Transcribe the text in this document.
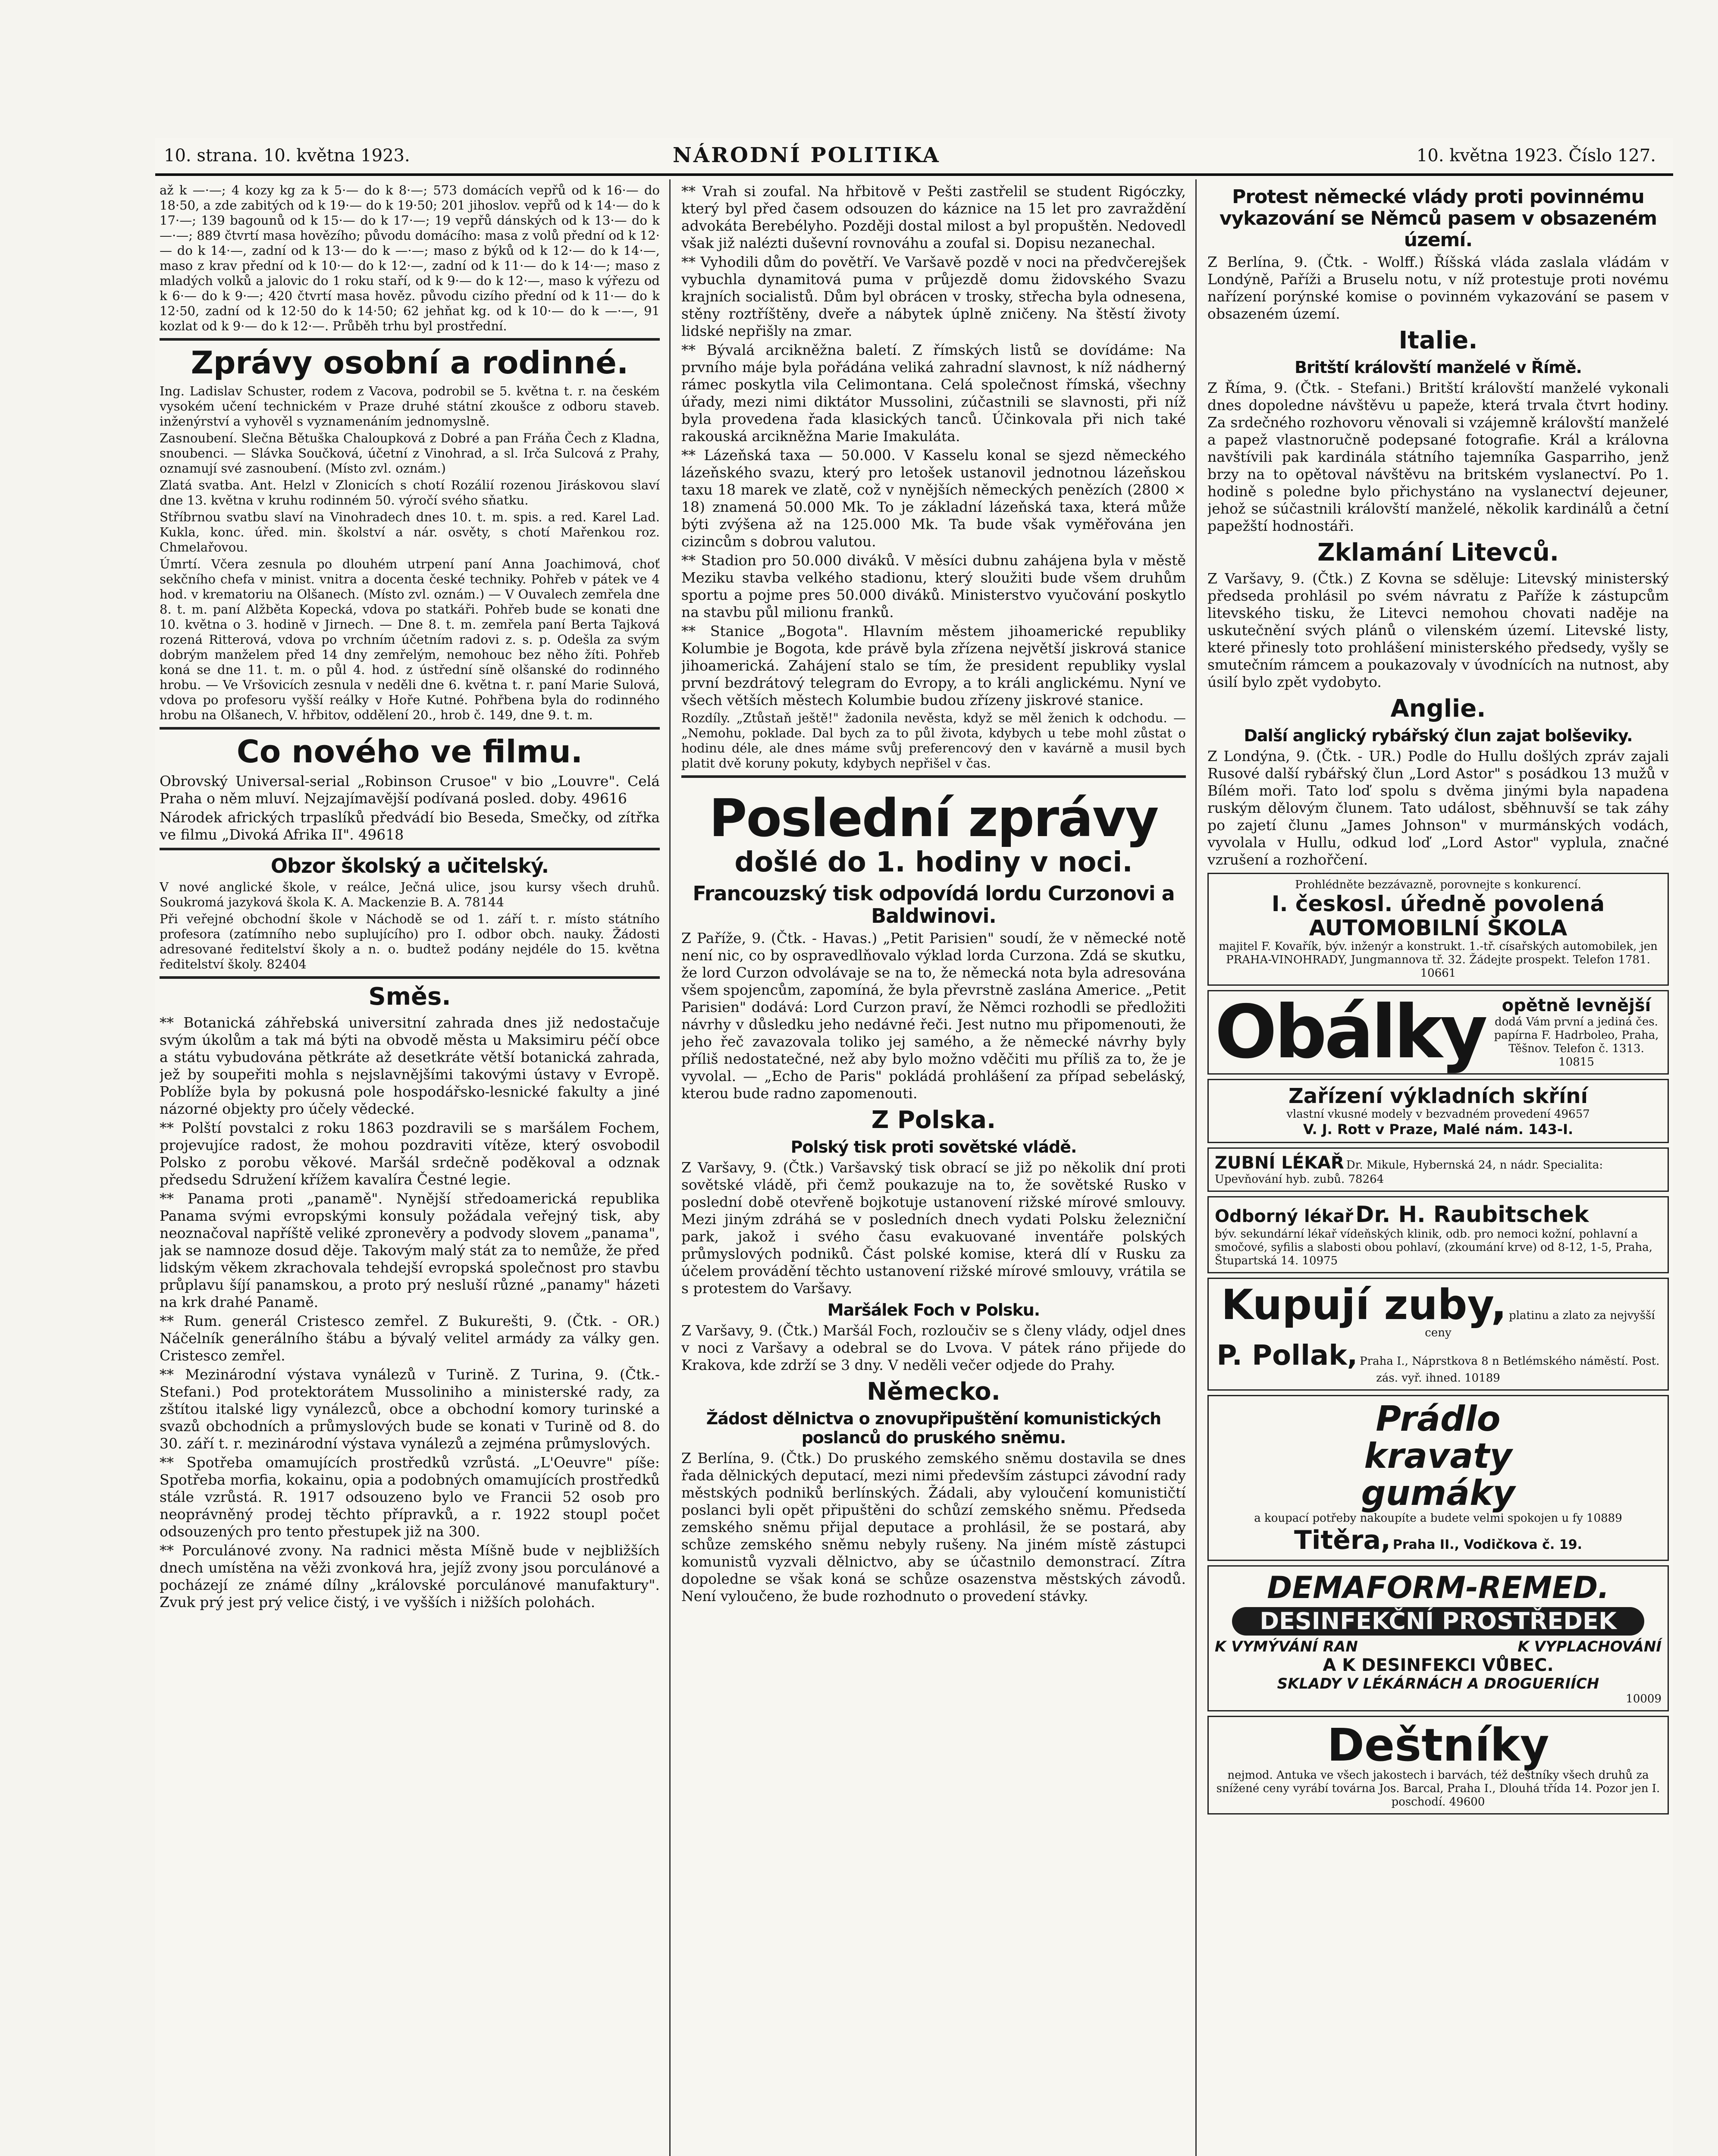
10. strana. 10. května 1923.	NÁRODNÍ POLITIKA	10. května 1923. Číslo 127.

až k —·—; 4 kozy kg za k 5·— do k 8·—; 573 domácích vepřů od k 16·— do 18·50, a zde zabitých od k 19·— do k 19·50; 201 jihoslov. vepřů od k 14·— do k 17·—; 139 bagounů od k 15·— do k 17·—; 19 vepřů dánských od k 13·— do k —·—; 889 čtvrtí masa hovězího; původu domácího: masa z volů přední od k 12·— do k 14·—, zadní od k 13·— do k —·—; maso z býků od k 12·— do k 14·—, maso z krav přední od k 10·— do k 12·—, zadní od k 11·— do k 14·—; maso z mladých volků a jalovic do 1 roku staří, od k 9·— do k 12·—, maso k výřezu od k 6·— do k 9·—; 420 čtvrtí masa hověz. původu cizího přední od k 11·— do k 12·50, zadní od k 12·50 do k 14·50; 62 jehňat kg. od k 10·— do k —·—, 91 kozlat od k 9·— do k 12·—. Průběh trhu byl prostřední.

Zprávy osobní a rodinné.

Ing. Ladislav Schuster, rodem z Vacova, podrobil se 5. května t. r. na českém vysokém učení technickém v Praze druhé státní zkoušce z odboru staveb. inženýrství a vyhověl s vyznamenáním jednomyslně.

Zasnoubení. Slečna Bětuška Chaloupková z Dobré a pan Fráňa Čech z Kladna, snoubenci. — Slávka Součková, účetní z Vinohrad, a sl. Irča Sulcová z Prahy, oznamují své zasnoubení. (Místo zvl. oznám.)

Zlatá svatba. Ant. Helzl v Zlonicích s chotí Rozálií rozenou Jiráskovou slaví dne 13. května v kruhu rodinném 50. výročí svého sňatku.

Stříbrnou svatbu slaví na Vinohradech dnes 10. t. m. spis. a red. Karel Lad. Kukla, konc. úřed. min. školství a nár. osvěty, s chotí Mařenkou roz. Chmelařovou.

Úmrtí. Včera zesnula po dlouhém utrpení paní Anna Joachimová, choť sekčního chefa v minist. vnitra a docenta české techniky. Pohřeb v pátek ve 4 hod. v krematoriu na Olšanech. (Místo zvl. oznám.) — V Ouvalech zemřela dne 8. t. m. paní Alžběta Kopecká, vdova po statkáři. Pohřeb bude se konati dne 10. května o 3. hodině v Jirnech. — Dne 8. t. m. zemřela paní Berta Tajková rozená Ritterová, vdova po vrchním účetním radovi z. s. p. Odešla za svým dobrým manželem před 14 dny zemřelým, nemohouc bez něho žíti. Pohřeb koná se dne 11. t. m. o půl 4. hod. z ústřední síně olšanské do rodinného hrobu. — Ve Vršovicích zesnula v neděli dne 6. května t. r. paní Marie Sulová, vdova po profesoru vyšší reálky v Hoře Kutné. Pohřbena byla do rodinného hrobu na Olšanech, V. hřbitov, oddělení 20., hrob č. 149, dne 9. t. m.

Co nového ve filmu.

Obrovský Universal-serial „Robinson Crusoe" v bio „Louvre". Celá Praha o něm mluví. Nejzajímavější podívaná posled. doby. 49616

Národek afrických trpaslíků předvádí bio Beseda, Smečky, od zítřka ve filmu „Divoká Afrika II". 49618

Obzor školský a učitelský.

V nové anglické škole, v reálce, Ječná ulice, jsou kursy všech druhů. Soukromá jazyková škola K. A. Mackenzie B. A. 78144

Při veřejné obchodní škole v Náchodě se od 1. září t. r. místo státního profesora (zatímního nebo suplujícího) pro I. odbor obch. nauky. Žádosti adresované ředitelství školy a n. o. budtež podány nejdéle do 15. května ředitelství školy. 82404

Směs.

** Botanická záhřebská universitní zahrada dnes již nedostačuje svým úkolům a tak má býti na obvodě města u Maksimiru péčí obce a státu vybudována pětkráte až desetkráte větší botanická zahrada, jež by soupeřiti mohla s nejslavnějšími takovými ústavy v Evropě. Poblíže byla by pokusná pole hospodářsko-lesnické fakulty a jiné názorné objekty pro účely vědecké.

** Polští povstalci z roku 1863 pozdravili se s maršálem Fochem, projevujíce radost, že mohou pozdraviti vítěze, který osvobodil Polsko z porobu věkové. Maršál srdečně poděkoval a odznak předsedu Sdružení křížem kavalíra Čestné legie.

** Panama proti „panamě". Nynější středoamerická republika Panama svými evropskými konsuly požádala veřejný tisk, aby neoznačoval napříště veliké zpronevěry a podvody slovem „panama", jak se namnoze dosud děje. Takovým malý stát za to nemůže, že před lidským věkem zkrachovala tehdejší evropská společnost pro stavbu průplavu šíjí panamskou, a proto prý nesluší různé „panamy" házeti na krk drahé Panamě.

** Rum. generál Cristesco zemřel. Z Bukurešti, 9. (Čtk. - OR.) Náčelník generálního štábu a bývalý velitel armády za války gen. Cristesco zemřel.

** Mezinárodní výstava vynálezů v Turině. Z Turina, 9. (Čtk.-Stefani.) Pod protektorátem Mussoliniho a ministerské rady, za zštítou italské ligy vynálezců, obce a obchodní komory turinské a svazů obchodních a průmyslových bude se konati v Turině od 8. do 30. září t. r. mezinárodní výstava vynálezů a zejména průmyslových.

** Spotřeba omamujících prostředků vzrůstá. „L'Oeuvre" píše: Spotřeba morfia, kokainu, opia a podobných omamujících prostředků stále vzrůstá. R. 1917 odsouzeno bylo ve Francii 52 osob pro neoprávněný prodej těchto přípravků, a r. 1922 stoupl počet odsouzených pro tento přestupek již na 300.

** Porculánové zvony. Na radnici města Míšně bude v nejbližších dnech umístěna na věži zvonková hra, jejíž zvony jsou porculánové a pocházejí ze známé dílny „královské porculánové manufaktury". Zvuk prý jest prý velice čistý, i ve vyšších i nižších polohách.

** Vrah si zoufal. Na hřbitově v Pešti zastřelil se student Rigóczky, který byl před časem odsouzen do káznice na 15 let pro zavraždění advokáta Berebélyho. Později dostal milost a byl propuštěn. Nedovedl však již nalézti duševní rovnováhu a zoufal si. Dopisu nezanechal.

** Vyhodili dům do povětří. Ve Varšavě pozdě v noci na předvčerejšek vybuchla dynamitová puma v průjezdě domu židovského Svazu krajních socialistů. Dům byl obrácen v trosky, střecha byla odnesena, stěny roztříštěny, dveře a nábytek úplně zničeny. Na štěstí životy lidské nepřišly na zmar.

** Bývalá arcikněžna baletí. Z římských listů se dovídáme: Na prvního máje byla pořádána veliká zahradní slavnost, k níž nádherný rámec poskytla vila Celimontana. Celá společnost římská, všechny úřady, mezi nimi diktátor Mussolini, zúčastnili se slavnosti, při níž byla provedena řada klasických tanců. Účinkovala při nich také rakouská arcikněžna Marie Imakuláta.

** Lázeňská taxa — 50.000. V Kasselu konal se sjezd německého lázeňského svazu, který pro letošek ustanovil jednotnou lázeňskou taxu 18 marek ve zlatě, což v nynějších německých penězích (2800 × 18) znamená 50.000 Mk. To je základní lázeňská taxa, která může býti zvýšena až na 125.000 Mk. Ta bude však vyměřována jen cizincům s dobrou valutou.

** Stadion pro 50.000 diváků. V měsíci dubnu zahájena byla v městě Meziku stavba velkého stadionu, který sloužiti bude všem druhům sportu a pojme pres 50.000 diváků. Ministerstvo vyučování poskytlo na stavbu půl milionu franků.

** Stanice „Bogota". Hlavním městem jihoamerické republiky Kolumbie je Bogota, kde právě byla zřízena největší jiskrová stanice jihoamerická. Zahájení stalo se tím, že president republiky vyslal první bezdrátový telegram do Evropy, a to králi anglickému. Nyní ve všech větších městech Kolumbie budou zřízeny jiskrové stanice.

Rozdíly. „Ztůstaň ještě!" žadonila nevěsta, když se měl ženich k odchodu. — „Nemohu, poklade. Dal bych za to půl života, kdybych u tebe mohl zůstat o hodinu déle, ale dnes máme svůj preferencový den v kavárně a musil bych platit dvě koruny pokuty, kdybych nepřišel v čas.

Poslední zprávy
došlé do 1. hodiny v noci.
Francouzský tisk odpovídá lordu Curzonovi a Baldwinovi.

Z Paříže, 9. (Čtk. - Havas.) „Petit Parisien" soudí, že v německé notě není nic, co by ospravedlňovalo výklad lorda Curzona. Zdá se skutku, že lord Curzon odvolávaje se na to, že německá nota byla adresována všem spojencům, zapomíná, že byla převrstně zaslána Americe. „Petit Parisien" dodává: Lord Curzon praví, že Němci rozhodli se předložiti návrhy v důsledku jeho nedávné řeči. Jest nutno mu připomenouti, že jeho řeč zavazovala toliko jej samého, a že německé návrhy byly příliš nedostatečné, než aby bylo možno vděčiti mu příliš za to, že je vyvolal. — „Echo de Paris" pokládá prohlášení za případ sebeláský, kterou bude radno zapomenouti.

Z Polska.
Polský tisk proti sovětské vládě.

Z Varšavy, 9. (Čtk.) Varšavský tisk obrací se již po několik dní proti sovětské vládě, při čemž poukazuje na to, že sovětské Rusko v poslední době otevřeně bojkotuje ustanovení rižské mírové smlouvy. Mezi jiným zdráhá se v posledních dnech vydati Polsku železniční park, jakož i svého času evakuované inventáře polských průmyslových podniků. Část polské komise, která dlí v Rusku za účelem provádění těchto ustanovení rižské mírové smlouvy, vrátila se s protestem do Varšavy.

Maršálek Foch v Polsku.

Z Varšavy, 9. (Čtk.) Maršál Foch, rozloučiv se s členy vlády, odjel dnes v noci z Varšavy a odebral se do Lvova. V pátek ráno přijede do Krakova, kde zdrží se 3 dny. V neděli večer odjede do Prahy.

Německo.
Žádost dělnictva o znovupřipuštění komunistických poslanců do pruského sněmu.

Z Berlína, 9. (Čtk.) Do pruského zemského sněmu dostavila se dnes řada dělnických deputací, mezi nimi především zástupci závodní rady městských podniků berlínských. Žádali, aby vyloučení komunističtí poslanci byli opět připuštěni do schůzí zemského sněmu. Předseda zemského sněmu přijal deputace a prohlásil, že se postará, aby schůze zemského sněmu nebyly rušeny. Na jiném místě zástupci komunistů vyzvali dělnictvo, aby se účastnilo demonstrací. Zítra dopoledne se však koná se schůze osazenstva městských závodů. Není vyloučeno, že bude rozhodnuto o provedení stávky.

Protest německé vlády proti povinnému vykazování se Němců pasem v obsazeném území.

Z Berlína, 9. (Čtk. - Wolff.) Říšská vláda zaslala vládám v Londýně, Paříži a Bruselu notu, v níž protestuje proti novému nařízení porýnské komise o povinném vykazování se pasem v obsazeném území.

Italie.
Britští královští manželé v Římě.

Z Říma, 9. (Čtk. - Stefani.) Britští královští manželé vykonali dnes dopoledne návštěvu u papeže, která trvala čtvrt hodiny. Za srdečného rozhovoru věnovali si vzájemně královští manželé a papež vlastnoručně podepsané fotografie. Král a královna navštívili pak kardinála státního tajemníka Gasparriho, jenž brzy na to opětoval návštěvu na britském vyslanectví. Po 1. hodině s poledne bylo přichystáno na vyslanectví dejeuner, jehož se súčastnili královští manželé, několik kardinálů a četní papežští hodnostáři.

Zklamání Litevců.

Z Varšavy, 9. (Čtk.) Z Kovna se sděluje: Litevský ministerský předseda prohlásil po svém návratu z Paříže k zástupcům litevského tisku, že Litevci nemohou chovati naděje na uskutečnění svých plánů o vilenském území. Litevské listy, které přinesly toto prohlášení ministerského předsedy, vyšly se smutečním rámcem a poukazovaly v úvodnících na nutnost, aby úsilí bylo zpět vydobyto.

Anglie.
Další anglický rybářský člun zajat bolševiky.

Z Londýna, 9. (Čtk. - UR.) Podle do Hullu došlých zpráv zajali Rusové další rybářský člun „Lord Astor" s posádkou 13 mužů v Bílém moři. Tato loď spolu s dvěma jinými byla napadena ruským dělovým člunem. Tato událost, sběhnuvší se tak záhy po zajetí člunu „James Johnson" v murmánských vodách, vyvolala v Hullu, odkud loď „Lord Astor" vyplula, značné vzrušení a rozhořčení.

Prohlédněte bezzávazně, porovnejte s konkurencí.
I. českosl. úředně povolená AUTOMOBILNÍ ŠKOLA
majitel F. Kovařík, býv. inženýr a konstrukt. 1.-tř. císařských automobilek, jen PRAHA-VINOHRADY, Jungmannova tř. 32. Žádejte prospekt. Telefon 1781. 10661
Obálky opětně levnější
dodá Vám první a jediná čes. papírna F. Hadrboleo, Praha, Těšnov. Telefon č. 1313. 10815
Zařízení výkladních skříní
vlastní vkusné modely v bezvadném provedení 49657
V. J. Rott v Praze, Malé nám. 143-I.
ZUBNÍ LÉKAŘ Dr. Mikule, Hybernská 24, n nádr. Specialita: Upevňování hyb. zubů. 78264
Odborný lékař Dr. H. Raubitschek
býv. sekundární lékař vídeňských klinik, odb. pro nemoci kožní, pohlavní a smočové, syfilis a slabosti obou pohlaví, (zkoumání krve) od 8-12, 1-5, Praha, Štupartská 14. 10975
Kupují zuby, platinu a zlato za nejvyšší ceny
P. Pollak, Praha I., Náprstkova 8 n Betlémského náměstí. Post. zás. vyř. ihned. 10189
Prádlo
kravaty
gumáky
a koupací potřeby nakoupíte a budete velmi spokojen u fy 10889
Titěra, Praha II., Vodičkova č. 19.
DEMAFORM-REMED.
DESINFEKČNÍ PROSTŘEDEK
K VYMÝVÁNÍ RAN	K VYPLACHOVÁNÍ
A K DESINFEKCI VŮBEC.
SKLADY V LÉKÁRNÁCH A DROGUERIÍCH
10009
Deštníky
nejmod. Antuka ve všech jakostech i barvách, též deštníky všech druhů za snížené ceny vyrábí továrna Jos. Barcal, Praha I., Dlouhá třída 14. Pozor jen I. poschodí. 49600
